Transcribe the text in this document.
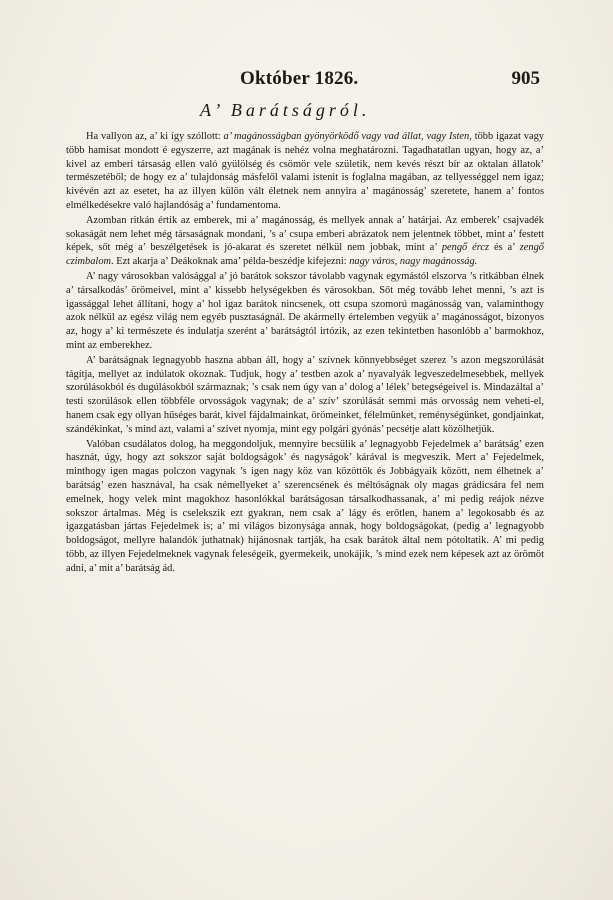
Október 1826.	905
A’ Barátságról.

Ha vallyon az, a’ ki így szóllott: a’ magánosságban gyönyörködő vagy vad állat, vagy Isten, több igazat vagy több hamisat mondott é egyszerre, azt magának is nehéz volna meghatározni. Tagadhatatlan ugyan, hogy az, a’ kivel az emberi társaság ellen való gyülölség és csömör vele születik, nem kevés részt bír az oktalan állatok’ természetéből; de hogy ez a’ tulajdonság másfelől valami istenit is foglalna magában, az tellyességgel nem igaz; kivévén azt az esetet, ha az illyen külön vált életnek nem annyira a’ magánosság’ szeretete, hanem a’ fontos elmélkedésekre való hajlandóság a’ fundamentoma.

Azomban ritkán értik az emberek, mi a’ magánosság, és mellyek annak a’ határjai. Az emberek’ csajvadék sokaságát nem lehet még társaságnak mondani, ’s a’ csupa emberi abrázatok nem jelentnek többet, mint a’ festett képek, sőt még a’ beszélgetések is jó-akarat és szeretet nélkül nem jobbak, mint a’ pengő ércz és a’ zengő czimbalom. Ezt akarja a’ Deákoknak ama’ példa-beszédje kifejezni: nagy város, nagy magánosság.

A’ nagy városokban valósággal a’ jó barátok sokszor távolabb vagynak egymástól elszorva ’s ritkábban élnek a’ társalkodás’ örömeivel, mint a’ kissebb helységekben és városokban. Sőt még tovább lehet menni, ’s azt is igassággal lehet állítani, hogy a’ hol igaz barátok nincsenek, ott csupa szomorú magánosság van, valaminthogy azok nélkül az egész világ nem egyéb pusztaságnál. De akármelly értelemben vegyük a’ magánosságot, bizonyos az, hogy a’ ki természete és indulatja szerént a’ barátságtól irtózik, az ezen tekintetben hasonlóbb a’ barmokhoz, mint az emberekhez.

A’ barátságnak legnagyobb haszna abban áll, hogy a’ szívnek könnyebbséget szerez ’s azon megszorúlását tágítja, mellyet az indúlatok okoznak. Tudjuk, hogy a’ testben azok a’ nyavalyák legveszedelmesebbek, mellyek szorúlásokból és dugúlásokból származnak; ’s csak nem úgy van a’ dolog a’ lélek’ betegségeivel is. Mindazáltal a’ testi szorúlások ellen többféle orvosságok vagynak; de a’ szív’ szorúlását semmi más orvosság nem veheti-el, hanem csak egy ollyan hűséges barát, kivel fájdalmainkat, örömeinket, félelmünket, reménységünket, gondjainkat, szándékinkat, ’s mind azt, valami a’ szívet nyomja, mint egy polgári gyónás’ pecsétje alatt közölhetjük.

Valóban csudálatos dolog, ha meggondoljuk, mennyire becsülik a’ legnagyobb Fejedelmek a’ barátság’ ezen hasznát, úgy, hogy azt sokszor saját boldogságok’ és nagyságok’ kárával is megveszik. Mert a’ Fejedelmek, minthogy igen magas polczon vagynak ’s igen nagy köz van közöttök és Jobbágyaik között, nem élhetnek a’ barátság’ ezen hasznával, ha csak némellyeket a’ szerencsének és méltóságnak oly magas grádicsára fel nem emelnek, hogy velek mint magokhoz hasonlókkal barátságosan társalkodhassanak, a’ mi pedig reájok nézve sokszor ártalmas. Még is cselekszik ezt gyakran, nem csak a’ lágy és erőtlen, hanem a’ legokosabb és az igazgatásban jártas Fejedelmek is; a’ mi világos bizonysága annak, hogy boldogságokat, (pedig a’ legnagyobb boldogságot, mellyre halandók juthatnak) hijánosnak tartják, ha csak barátok által nem pótoltatik. A’ mi pedig több, az illyen Fejedelmeknek vagynak feleségeik, gyermekeik, unokájik, ’s mind ezek nem képesek azt az örömöt adni, a’ mit a’ barátság ád.
